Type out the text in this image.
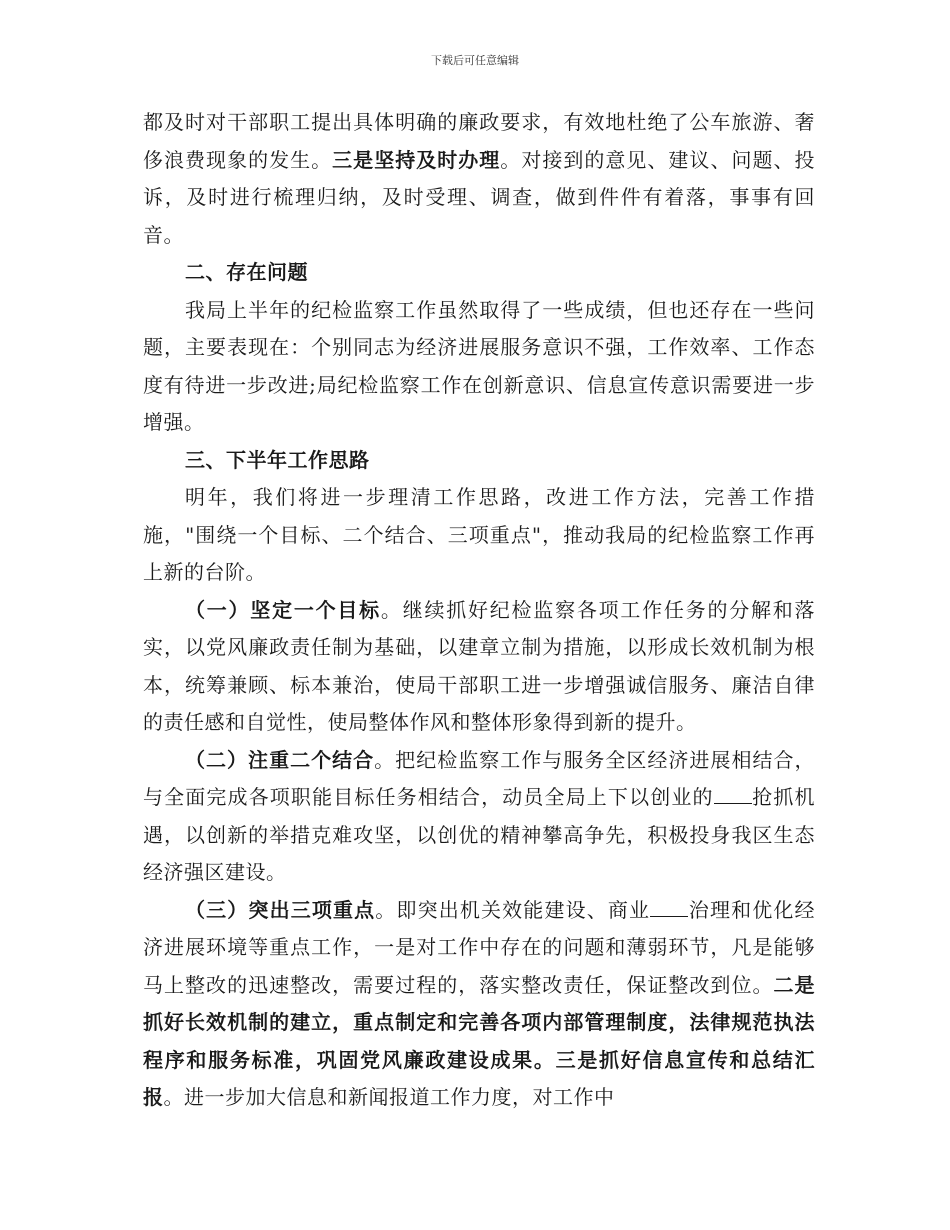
下载后可任意编辑

都及时对干部职工提出具体明确的廉政要求，有效地杜绝了公车旅游、奢侈浪费现象的发生。三是坚持及时办理。对接到的意见、建议、问题、投诉，及时进行梳理归纳，及时受理、调查，做到件件有着落，事事有回音。

二、存在问题

我局上半年的纪检监察工作虽然取得了一些成绩，但也还存在一些问题，主要表现在：个别同志为经济进展服务意识不强，工作效率、工作态度有待进一步改进;局纪检监察工作在创新意识、信息宣传意识需要进一步增强。

三、下半年工作思路

明年，我们将进一步理清工作思路，改进工作方法，完善工作措施，"围绕一个目标、二个结合、三项重点"，推动我局的纪检监察工作再上新的台阶。

（一）坚定一个目标。继续抓好纪检监察各项工作任务的分解和落实，以党风廉政责任制为基础，以建章立制为措施，以形成长效机制为根本，统筹兼顾、标本兼治，使局干部职工进一步增强诚信服务、廉洁自律的责任感和自觉性，使局整体作风和整体形象得到新的提升。

（二）注重二个结合。把纪检监察工作与服务全区经济进展相结合，与全面完成各项职能目标任务相结合，动员全局上下以创业的 抢抓机遇，以创新的举措克难攻坚，以创优的精神攀高争先，积极投身我区生态经济强区建设。

（三）突出三项重点。即突出机关效能建设、商业 治理和优化经济进展环境等重点工作，一是对工作中存在的问题和薄弱环节，凡是能够马上整改的迅速整改，需要过程的，落实整改责任，保证整改到位。二是抓好长效机制的建立，重点制定和完善各项内部管理制度，法律规范执法程序和服务标准，巩固党风廉政建设成果。三是抓好信息宣传和总结汇报。进一步加大信息和新闻报道工作力度，对工作中
